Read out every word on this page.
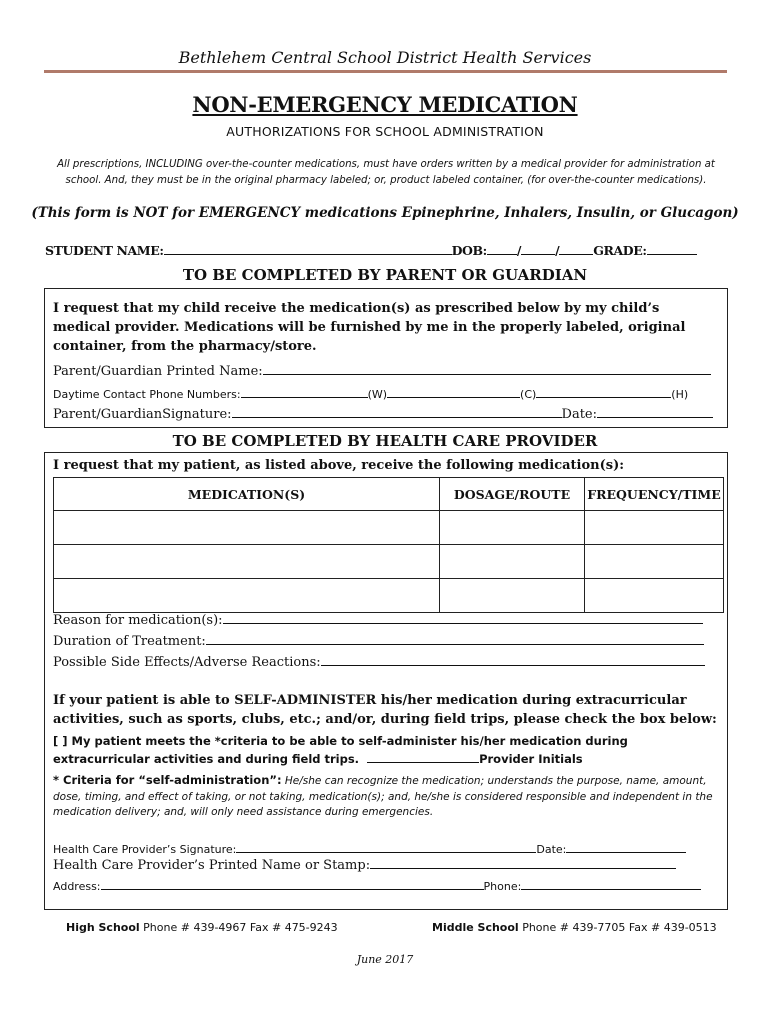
Bethlehem Central School District Health Services
NON-EMERGENCY MEDICATION
AUTHORIZATIONS FOR SCHOOL ADMINISTRATION
All prescriptions, INCLUDING over-the-counter medications, must have orders written by a medical provider for administration at school. And, they must be in the original pharmacy labeled; or, product labeled container, (for over-the-counter medications).
(This form is NOT for EMERGENCY medications Epinephrine, Inhalers, Insulin, or Glucagon)
STUDENT NAME:	DOB: /	/	GRADE:
TO BE COMPLETED BY PARENT OR GUARDIAN
I request that my child receive the medication(s) as prescribed below by my child’s medical provider. Medications will be furnished by me in the properly labeled, original container, from the pharmacy/store.
Parent/Guardian Printed Name:
Daytime Contact Phone Numbers:	(W)	(C)	(H)
Parent/GuardianSignature:	Date:
TO BE COMPLETED BY HEALTH CARE PROVIDER
I request that my patient, as listed above, receive the following medication(s):
MEDICATION(S)	DOSAGE/ROUTE	FREQUENCY/TIME

Reason for medication(s):
Duration of Treatment:
Possible Side Effects/Adverse Reactions:
If your patient is able to SELF-ADMINISTER his/her medication during extracurricular activities, such as sports, clubs, etc.; and/or, during field trips, please check the box below:
[ ] My patient meets the *criteria to be able to self-administer his/her medication during
extracurricular activities and during field trips.	Provider Initials
* Criteria for “self-administration”: He/she can recognize the medication; understands the purpose, name, amount, dose, timing, and effect of taking, or not taking, medication(s); and, he/she is considered responsible and independent in the medication delivery; and, will only need assistance during emergencies.
Health Care Provider’s Signature:	Date:
Health Care Provider’s Printed Name or Stamp:
Address:	Phone:
High School Phone # 439-4967 Fax # 475-9243	Middle School Phone # 439-7705 Fax # 439-0513
June 2017
